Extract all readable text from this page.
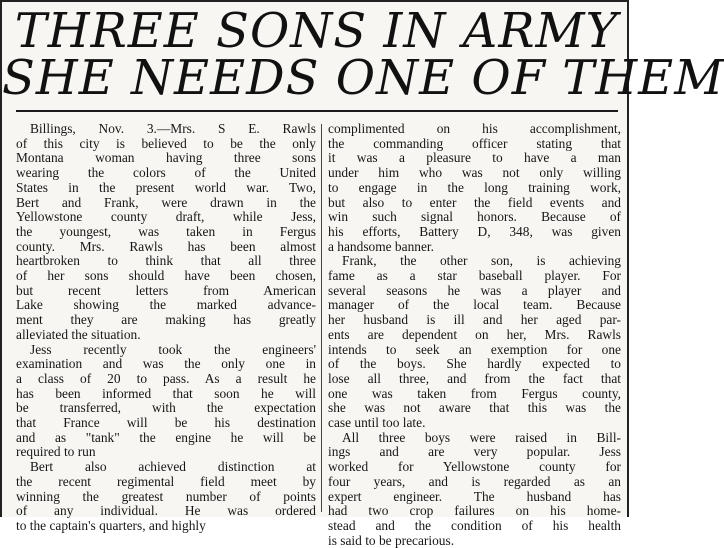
THREE SONS IN ARMY
SHE NEEDS ONE OF THEM
Billings, Nov. 3.—Mrs. S E. Rawls
of this city is believed to be the only
Montana woman having three sons
wearing the colors of the United
States in the present world war. Two,
Bert and Frank, were drawn in the
Yellowstone county draft, while Jess,
the youngest, was taken in Fergus
county. Mrs. Rawls has been almost
heartbroken to think that all three
of her sons should have been chosen,
but recent letters from American
Lake showing the marked advance-
ment they are making has greatly
alleviated the situation.
Jess recently took the engineers'
examination and was the only one in
a class of 20 to pass. As a result he
has been informed that soon he will
be transferred, with the expectation
that France will be his destination
and as "tank" the engine he will be
required to run
Bert also achieved distinction at
the recent regimental field meet by
winning the greatest number of points
of any individual. He was ordered
to the captain's quarters, and highly
complimented on his accomplishment,
the commanding officer stating that
it was a pleasure to have a man
under him who was not only willing
to engage in the long training work,
but also to enter the field events and
win such signal honors. Because of
his efforts, Battery D, 348, was given
a handsome banner.
Frank, the other son, is achieving
fame as a star baseball player. For
several seasons he was a player and
manager of the local team. Because
her husband is ill and her aged par-
ents are dependent on her, Mrs. Rawls
intends to seek an exemption for one
of the boys. She hardly expected to
lose all three, and from the fact that
one was taken from Fergus county,
she was not aware that this was the
case until too late.
All three boys were raised in Bill-
ings and are very popular. Jess
worked for Yellowstone county for
four years, and is regarded as an
expert engineer. The husband has
had two crop failures on his home-
stead and the condition of his health
is said to be precarious.
